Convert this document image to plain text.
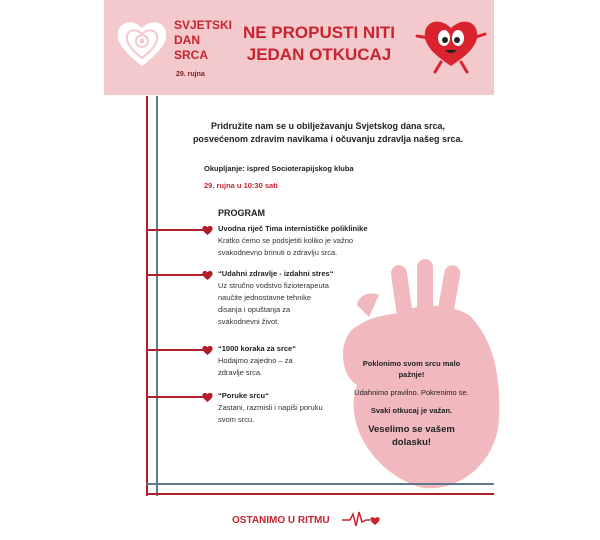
SVJETSKI
DAN
SRCA
29. rujna
NE PROPUSTI NITI
JEDAN OTKUCAJ
Pridružite nam se u obilježavanju Svjetskog dana srca,
posvećenom zdravim navikama i očuvanju zdravlja našeg srca.
Okupljanje: ispred Socioterapijskog kluba
29. rujna u 10:30 sati
PROGRAM
Uvodna riječ Tima internističke poliklinike
Kratko ćemo se podsjetiti koliko je važno
svakodnevno brinuti o zdravlju srca.
“Udahni zdravlje - izdahni stres“
Uz stručno vodstvo fizioterapeuta
naučite jednostavne tehnike
disanja i opuštanja za
svakodnevni život.
“1000 koraka za srce“
Hodajmo zajedno – za
zdravlje srca.
“Poruke srcu“
Zastani, razmisli i napiši poruku
svom srcu.
Poklonimo svom srcu malo
pažnje!
Udahnimo pravilno. Pokrenimo se.
Svaki otkucaj je važan.
Veselimo se vašem
dolasku!
OSTANIMO U RITMU
